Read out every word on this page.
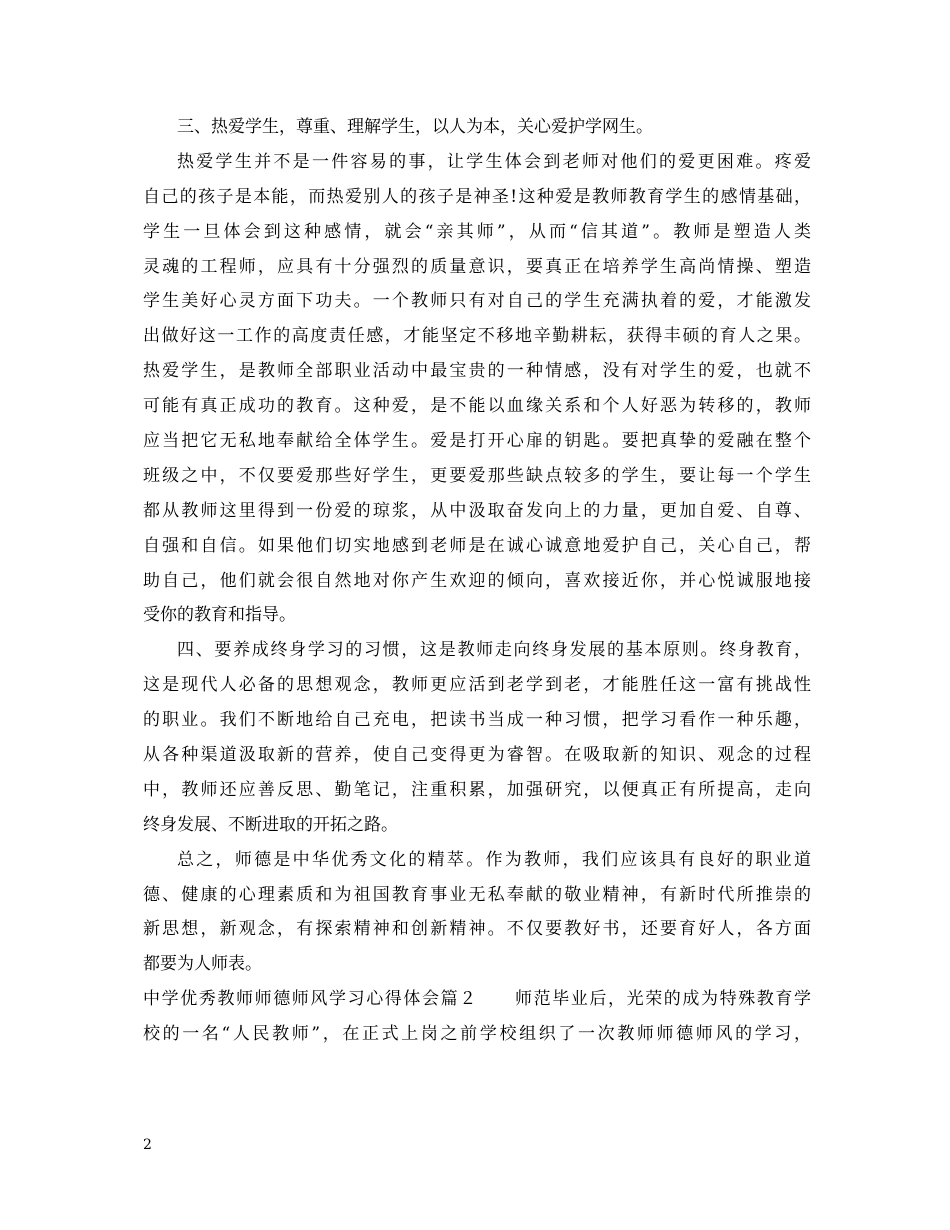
三、热爱学生，尊重、理解学生，以人为本，关心爱护学网生。
热爱学生并不是一件容易的事，让学生体会到老师对他们的爱更困难。疼爱
自己的孩子是本能，而热爱别人的孩子是神圣!这种爱是教师教育学生的感情基础，
学生一旦体会到这种感情，就会“亲其师”，从而“信其道”。教师是塑造人类
灵魂的工程师，应具有十分强烈的质量意识，要真正在培养学生高尚情操、塑造
学生美好心灵方面下功夫。一个教师只有对自己的学生充满执着的爱，才能激发
出做好这一工作的高度责任感，才能坚定不移地辛勤耕耘，获得丰硕的育人之果。
热爱学生，是教师全部职业活动中最宝贵的一种情感，没有对学生的爱，也就不
可能有真正成功的教育。这种爱，是不能以血缘关系和个人好恶为转移的，教师
应当把它无私地奉献给全体学生。爱是打开心扉的钥匙。要把真挚的爱融在整个
班级之中，不仅要爱那些好学生，更要爱那些缺点较多的学生，要让每一个学生
都从教师这里得到一份爱的琼浆，从中汲取奋发向上的力量，更加自爱、自尊、
自强和自信。如果他们切实地感到老师是在诚心诚意地爱护自己，关心自己，帮
助自己，他们就会很自然地对你产生欢迎的倾向，喜欢接近你，并心悦诚服地接
受你的教育和指导。
四、要养成终身学习的习惯，这是教师走向终身发展的基本原则。终身教育，
这是现代人必备的思想观念，教师更应活到老学到老，才能胜任这一富有挑战性
的职业。我们不断地给自己充电，把读书当成一种习惯，把学习看作一种乐趣，
从各种渠道汲取新的营养，使自己变得更为睿智。在吸取新的知识、观念的过程
中，教师还应善反思、勤笔记，注重积累，加强研究，以便真正有所提高，走向
终身发展、不断进取的开拓之路。
总之，师德是中华优秀文化的精萃。作为教师，我们应该具有良好的职业道
德、健康的心理素质和为祖国教育事业无私奉献的敬业精神，有新时代所推崇的
新思想，新观念，有探索精神和创新精神。不仅要教好书，还要育好人，各方面
都要为人师表。
中学优秀教师师德师风学习心得体会篇２　　师范毕业后，光荣的成为特殊教育学
校的一名“人民教师”，在正式上岗之前学校组织了一次教师师德师风的学习，
2
